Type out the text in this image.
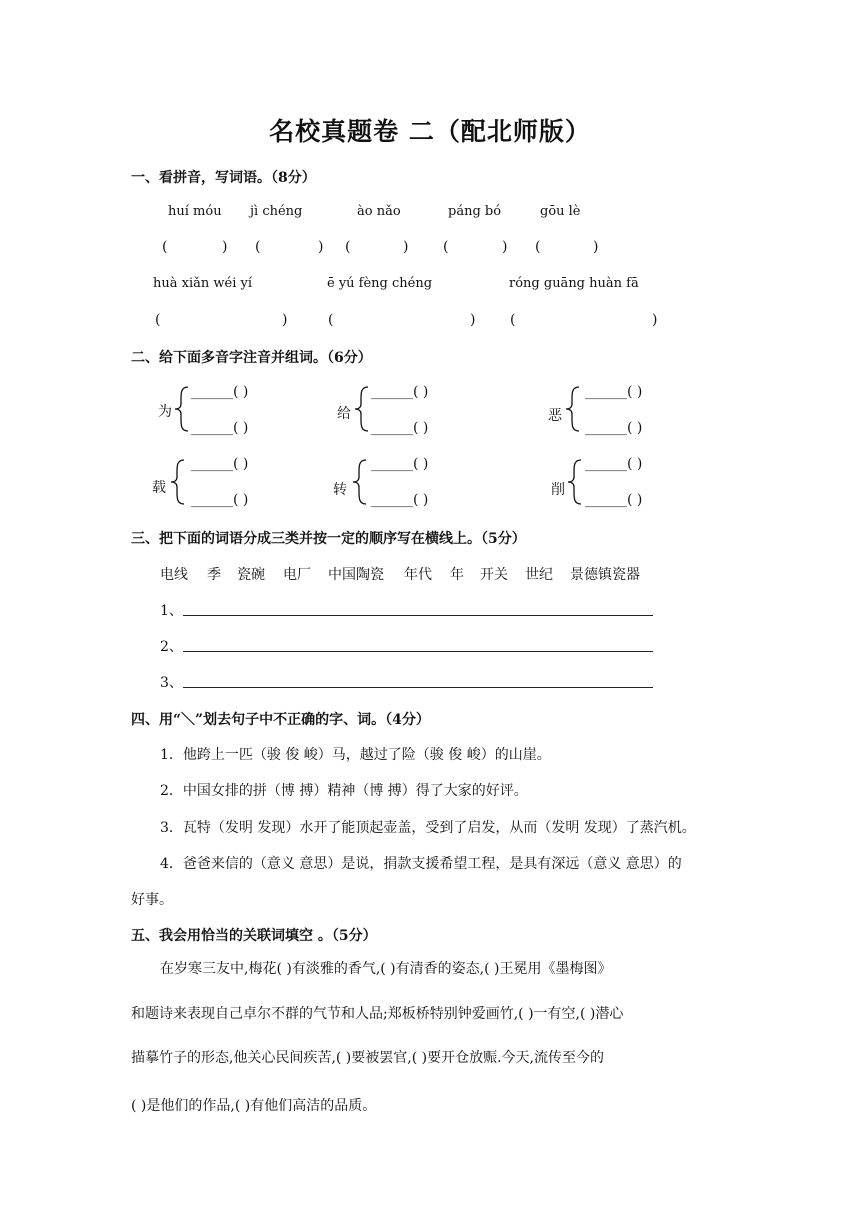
名校真题卷 二（配北师版）
一、看拼音，写词语。（8分）
huí móu jì chéng	ào nǎo	páng bó	gōu lè
(	) (	) (	) (	) (	)
huà xiǎn wéi yí	ē yú fèng chéng	róng guāng huàn fā
(	)	(	) (	)
二、给下面多音字注音并组词。（6分）
为
______( )
______( )
给
______( )
______( )
恶
______( )
______( )
载
______( )
______( )
转
______( )
______( )
削
______( )
______( )
三、把下面的词语分成三类并按一定的顺序写在横线上。（5分）
电线 季 瓷碗 电厂 中国陶瓷 年代 年 开关 世纪 景德镇瓷器
1、
2、
3、
四、用“＼”划去句子中不正确的字、词。（4分）
1．他跨上一匹（骏 俊 峻）马，越过了险（骏 俊 峻）的山崖。
2．中国女排的拼（博 搏）精神（博 搏）得了大家的好评。
3．瓦特（发明 发现）水开了能顶起壶盖，受到了启发，从而（发明 发现）了蒸汽机。
4．爸爸来信的（意义 意思）是说，捐款支援希望工程，是具有深远（意义 意思）的
好事。
五、我会用恰当的关联词填空 。（5分）
在岁寒三友中,梅花( )有淡雅的香气,( )有清香的姿态,( )王冕用《墨梅图》
和题诗来表现自己卓尔不群的气节和人品;郑板桥特别钟爱画竹,( )一有空,( )潜心
描摹竹子的形态,他关心民间疾苦,( )要被罢官,( )要开仓放赈.今天,流传至今的
( )是他们的作品,( )有他们高洁的品质。
